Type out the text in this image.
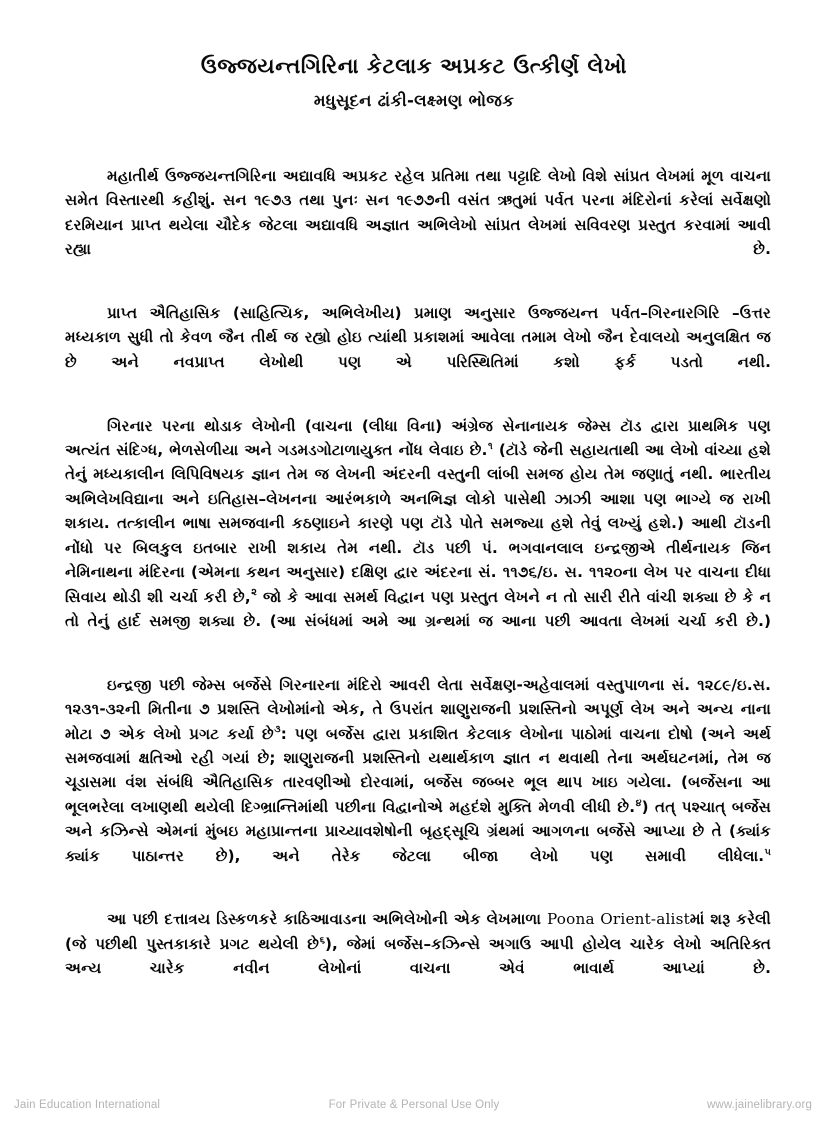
ઉજ્જયન્તગિરિના કેટલાક અપ્રકટ ઉત્કીર્ણ લેખો
મધુસૂદન ઢાંકી-લક્ષ્મણ ભોજક

મહાતીર્થ ઉજ્જયન્તગિરિના અદ્યાવધિ અપ્રકટ રહેલ પ્રતિમા તથા પટ્ટાદિ લેખો વિશે સાંપ્રત લેખમાં મૂળ વાચના સમેત વિસ્તારથી કહીશું. સન ૧૯૭૩ તથા પુનઃ સન ૧૯૭૭ની વસંત ઋતુમાં પર્વત પરના મંદિરોનાં કરેલાં સર્વેક્ષણો દરમિયાન પ્રાપ્ત થયેલા ચૌદેક જેટલા અદ્યાવધિ અજ્ઞાત અભિલેખો સાંપ્રત લેખમાં સવિવરણ પ્રસ્તુત કરવામાં આવી રહ્યા છે.

પ્રાપ્ત ઐતિહાસિક (સાહિત્યિક, અભિલેખીય) પ્રમાણ અનુસાર ઉજ્જયન્ત પર્વત–ગિરનારગિરિ –ઉત્તર મધ્યકાળ સુધી તો કેવળ જૈન તીર્થ જ રહ્યો હોઇ ત્યાંથી પ્રકાશમાં આવેલા તમામ લેખો જૈન દેવાલયો અનુલક્ષિત જ છે અને નવપ્રાપ્ત લેખોથી પણ એ પરિસ્થિતિમાં કશો ફર્ક પડતો નથી.

ગિરનાર પરના થોડાક લેખોની (વાચના (લીધા વિના) અંગ્રેજ સેનાનાયક જેમ્સ ટૉડ દ્વારા પ્રાથમિક પણ અત્યંત સંદિગ્ધ, ભેળસેળીયા અને ગડમડગોટાળાયુક્ત નોંધ લેવાઇ છે.$^૧$ (ટૉડે જેની સહાયતાથી આ લેખો વાંચ્યા હશે તેનું મધ્યકાલીન લિપિવિષયક જ્ઞાન તેમ જ લેખની અંદરની વસ્તુની લાંબી સમજ હોય તેમ જણાતું નથી. ભારતીય અભિલેખવિદ્યાના અને ઇતિહાસ–લેખનના આરંભકાળે અનભિજ્ઞ લોકો પાસેથી ઝાઝી આશા પણ ભાગ્યે જ રાખી શકાય. તત્કાલીન ભાષા સમજવાની કઠણાઇને કારણે પણ ટૉડે પોતે સમજ્યા હશે તેવું લખ્યું હશે.) આથી ટૉડની નોંધો પર બિલકુલ ઇતબાર રાખી શકાય તેમ નથી. ટૉડ પછી પં. ભગવાનલાલ ઇન્દ્રજીએ તીર્થનાયક જિન નેમિનાથના મંદિરના (એમના કથન અનુસાર) દક્ષિણ દ્વાર અંદરના સં. ૧૧૭૬/ઇ. સ. ૧૧૨૦ના લેખ પર વાચના દીધા સિવાય થોડી શી ચર્ચા કરી છે,$^૨$ જો કે આવા સમર્થ વિદ્વાન પણ પ્રસ્તુત લેખને ન તો સારી રીતે વાંચી શક્યા છે કે ન તો તેનું હાર્દ સમજી શક્યા છે. (આ સંબંધમાં અમે આ ગ્રન્થમાં જ આના પછી આવતા લેખમાં ચર્ચા કરી છે.)

ઇન્દ્રજી પછી જેમ્સ બર્જેસે ગિરનારના મંદિરો આવરી લેતા સર્વેક્ષણ-અહેવાલમાં વસ્તુપાળના સં. ૧૨૮૯/ઇ.સ. ૧૨૩૧-૩૨ની મિતીના ૭ પ્રશસ્તિ લેખોમાંનો એક, તે ઉપરાંત શાણુરાજની પ્રશસ્તિનો અપૂર્ણ લેખ અને અન્ય નાના મોટા ૭ એક લેખો પ્રગટ કર્યા છે$^૩$: પણ બર્જેસ દ્વારા પ્રકાશિત કેટલાક લેખોના પાઠોમાં વાચના દોષો (અને અર્થ સમજવામાં ક્ષતિઓ રહી ગયાં છે; શાણુરાજની પ્રશસ્તિનો યથાર્થકાળ જ્ઞાત ન થવાથી તેના અર્થઘટનમાં, તેમ જ ચૂડાસમા વંશ સંબંધિ ઐતિહાસિક તારવણીઓ દોરવામાં, બર્જેસ જબ્બર ભૂલ થાપ ખાઇ ગયેલા. (બર્જેસના આ ભૂલભરેલા લખાણથી થયેલી દિગ્ભ્રાન્તિમાંથી પછીના વિદ્વાનોએ મહદંશે મુક્તિ મેળવી લીધી છે.$^૪$) તત્ પશ્ચાત્ બર્જેસ અને કઝિન્સે એમનાં મુંબઇ મહાપ્રાન્તના પ્રાચ્યાવશેષોની બૃહદ્સૂચિ ગ્રંથમાં આગળના બર્જેસે આપ્યા છે તે (ક્યાંક ક્યાંક પાઠાન્તર છે), અને તેરેક જેટલા બીજા લેખો પણ સમાવી લીધેલા.$^૫$

આ પછી દત્તાત્રય ડિસ્કળકરે કાઠિઆવાડના અભિલેખોની એક લેખમાળા Poona Orient-alistમાં શરૂ કરેલી (જે પછીથી પુસ્તકાકારે પ્રગટ થયેલી છે$^૬$), જેમાં બર્જેસ–કઝિન્સે અગાઉ આપી હોયેલ ચારેક લેખો અતિરિક્ત અન્ય ચારેક નવીન લેખોનાં વાચના એવં ભાવાર્થ આપ્યાં છે.

Jain Education International	For Private & Personal Use Only	www.jainelibrary.org
